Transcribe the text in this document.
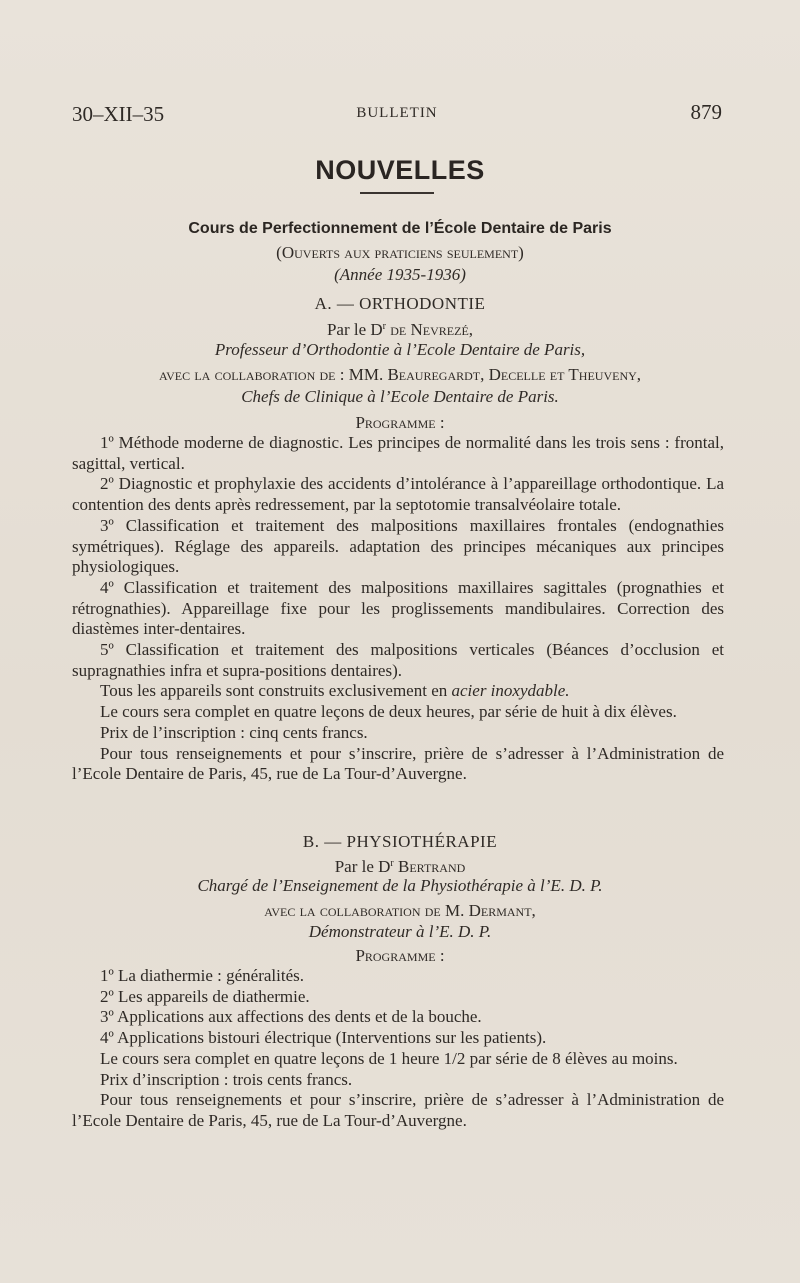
30–XII–35	BULLETIN	879
NOUVELLES
Cours de Perfectionnement de l’École Dentaire de Paris
(Ouverts aux praticiens seulement)
(Année 1935-1936)
A. — ORTHODONTIE
Par le $D^r$ de Nevrezé,
Professeur d’Orthodontie à l’Ecole Dentaire de Paris,
avec la collaboration de : MM. Beauregardt, Decelle et Theuveny,
Chefs de Clinique à l’Ecole Dentaire de Paris.
Programme :

1º Méthode moderne de diagnostic. Les principes de normalité dans les trois sens : frontal, sagittal, vertical.

2º Diagnostic et prophylaxie des accidents d’intolérance à l’appareillage orthodontique. La contention des dents après redressement, par la septotomie transalvéolaire totale.

3º Classification et traitement des malpositions maxillaires frontales (endognathies symétriques). Réglage des appareils. adaptation des principes mécaniques aux principes physiologiques.

4º Classification et traitement des malpositions maxillaires sagittales (prognathies et rétrognathies). Appareillage fixe pour les proglissements mandibulaires. Correction des diastèmes inter-dentaires.

5º Classification et traitement des malpositions verticales (Béances d’occlusion et supragnathies infra et supra-positions dentaires).

Tous les appareils sont construits exclusivement en acier inoxydable.

Le cours sera complet en quatre leçons de deux heures, par série de huit à dix élèves.

Prix de l’inscription : cinq cents francs.

Pour tous renseignements et pour s’inscrire, prière de s’adresser à l’Administration de l’Ecole Dentaire de Paris, 45, rue de La Tour-d’Auvergne.

B. — PHYSIOTHÉRAPIE
Par le $D^r$ Bertrand
Chargé de l’Enseignement de la Physiothérapie à l’E. D. P.
avec la collaboration de M. Dermant,
Démonstrateur à l’E. D. P.
Programme :

1º La diathermie : généralités.

2º Les appareils de diathermie.

3º Applications aux affections des dents et de la bouche.

4º Applications bistouri électrique (Interventions sur les patients).

Le cours sera complet en quatre leçons de 1 heure 1/2 par série de 8 élèves au moins.

Prix d’inscription : trois cents francs.

Pour tous renseignements et pour s’inscrire, prière de s’adresser à l’Administration de l’Ecole Dentaire de Paris, 45, rue de La Tour-d’Auvergne.
